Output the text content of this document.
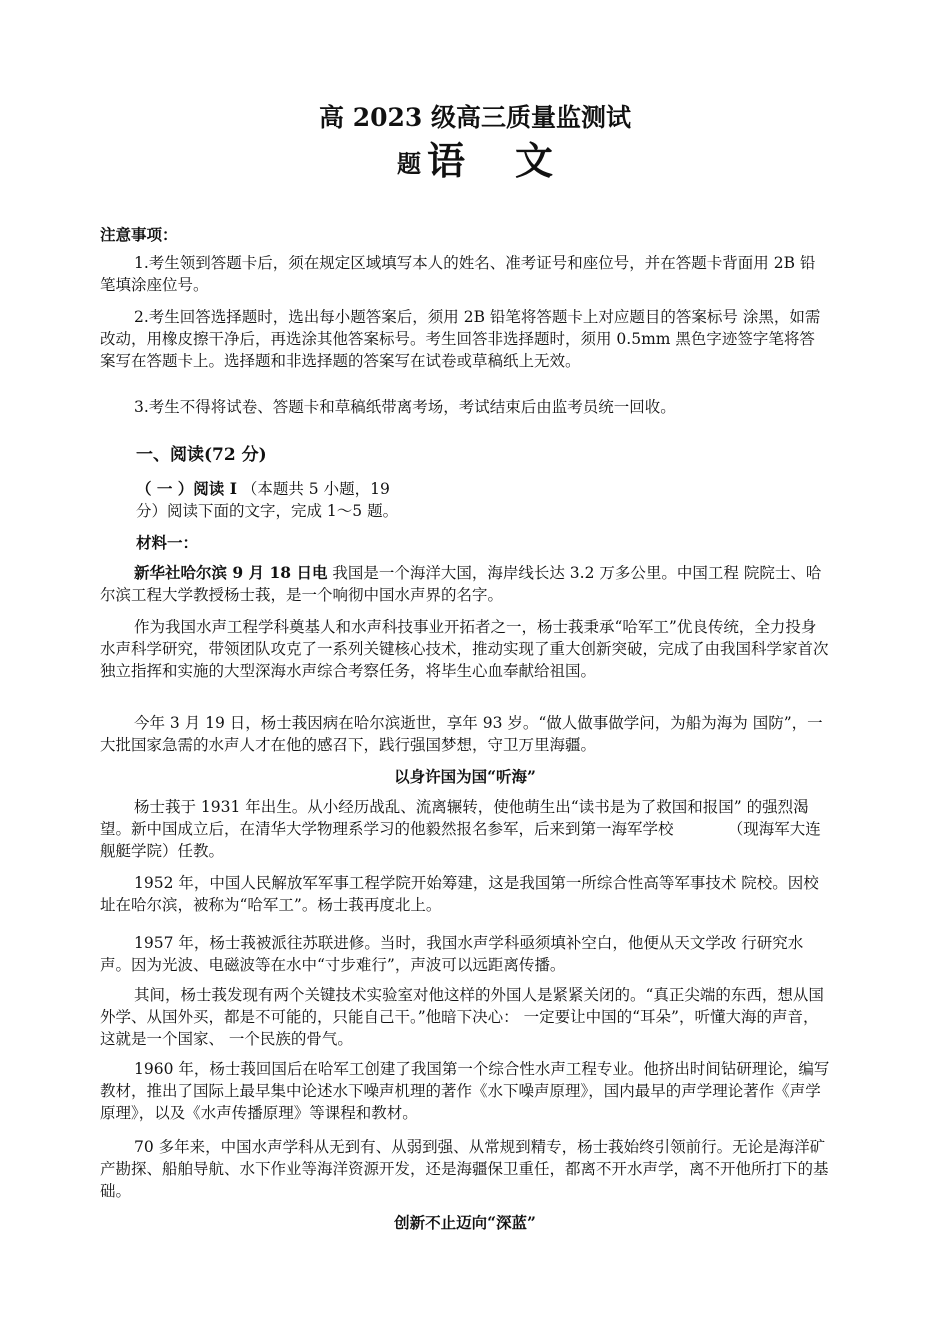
高 2023 级高三质量监测试
题 语 文
注意事项：
1.考生领到答题卡后，须在规定区域填写本人的姓名、准考证号和座位号，并在答题卡背面用 2B 铅笔填涂座位号。
2.考生回答选择题时，选出每小题答案后，须用 2B 铅笔将答题卡上对应题目的答案标号 涂黑，如需改动，用橡皮擦干净后，再选涂其他答案标号。考生回答非选择题时，须用 0.5mm 黑色字迹签字笔将答案写在答题卡上。选择题和非选择题的答案写在试卷或草稿纸上无效。
3.考生不得将试卷、答题卡和草稿纸带离考场，考试结束后由监考员统一回收。
一、阅读(72 分)
（ 一 ）阅读 I （本题共 5 小题，19
分）阅读下面的文字，完成 1～5 题。
材料一：
新华社哈尔滨 9 月 18 日电 我国是一个海洋大国，海岸线长达 3.2 万多公里。中国工程 院院士、哈尔滨工程大学教授杨士莪，是一个响彻中国水声界的名字。
作为我国水声工程学科奠基人和水声科技事业开拓者之一，杨士莪秉承“哈军工”优良传统，全力投身水声科学研究，带领团队攻克了一系列关键核心技术，推动实现了重大创新突破，完成了由我国科学家首次独立指挥和实施的大型深海水声综合考察任务，将毕生心血奉献给祖国。
今年 3 月 19 日，杨士莪因病在哈尔滨逝世，享年 93 岁。“做人做事做学问，为船为海为 国防”，一大批国家急需的水声人才在他的感召下，践行强国梦想，守卫万里海疆。
以身许国为国“听海”
杨士莪于 1931 年出生。从小经历战乱、流离辗转，使他萌生出“读书是为了救国和报国” 的强烈渴望。新中国成立后，在清华大学物理系学习的他毅然报名参军，后来到第一海军学校　　　　（现海军大连舰艇学院）任教。
1952 年，中国人民解放军军事工程学院开始筹建，这是我国第一所综合性高等军事技术 院校。因校址在哈尔滨，被称为“哈军工”。杨士莪再度北上。
1957 年，杨士莪被派往苏联进修。当时，我国水声学科亟须填补空白，他便从天文学改 行研究水声。因为光波、电磁波等在水中“寸步难行”，声波可以远距离传播。
其间，杨士莪发现有两个关键技术实验室对他这样的外国人是紧紧关闭的。“真正尖端的东西，想从国外学、从国外买，都是不可能的，只能自己干。”他暗下决心： 一定要让中国的“耳朵”，听懂大海的声音，这就是一个国家、 一个民族的骨气。
1960 年，杨士莪回国后在哈军工创建了我国第一个综合性水声工程专业。他挤出时间钻研理论，编写教材，推出了国际上最早集中论述水下噪声机理的著作《水下噪声原理》，国内最早的声学理论著作《声学原理》，以及《水声传播原理》等课程和教材。
70 多年来，中国水声学科从无到有、从弱到强、从常规到精专，杨士莪始终引领前行。无论是海洋矿产勘探、船舶导航、水下作业等海洋资源开发，还是海疆保卫重任，都离不开水声学，离不开他所打下的基础。
创新不止迈向“深蓝”
